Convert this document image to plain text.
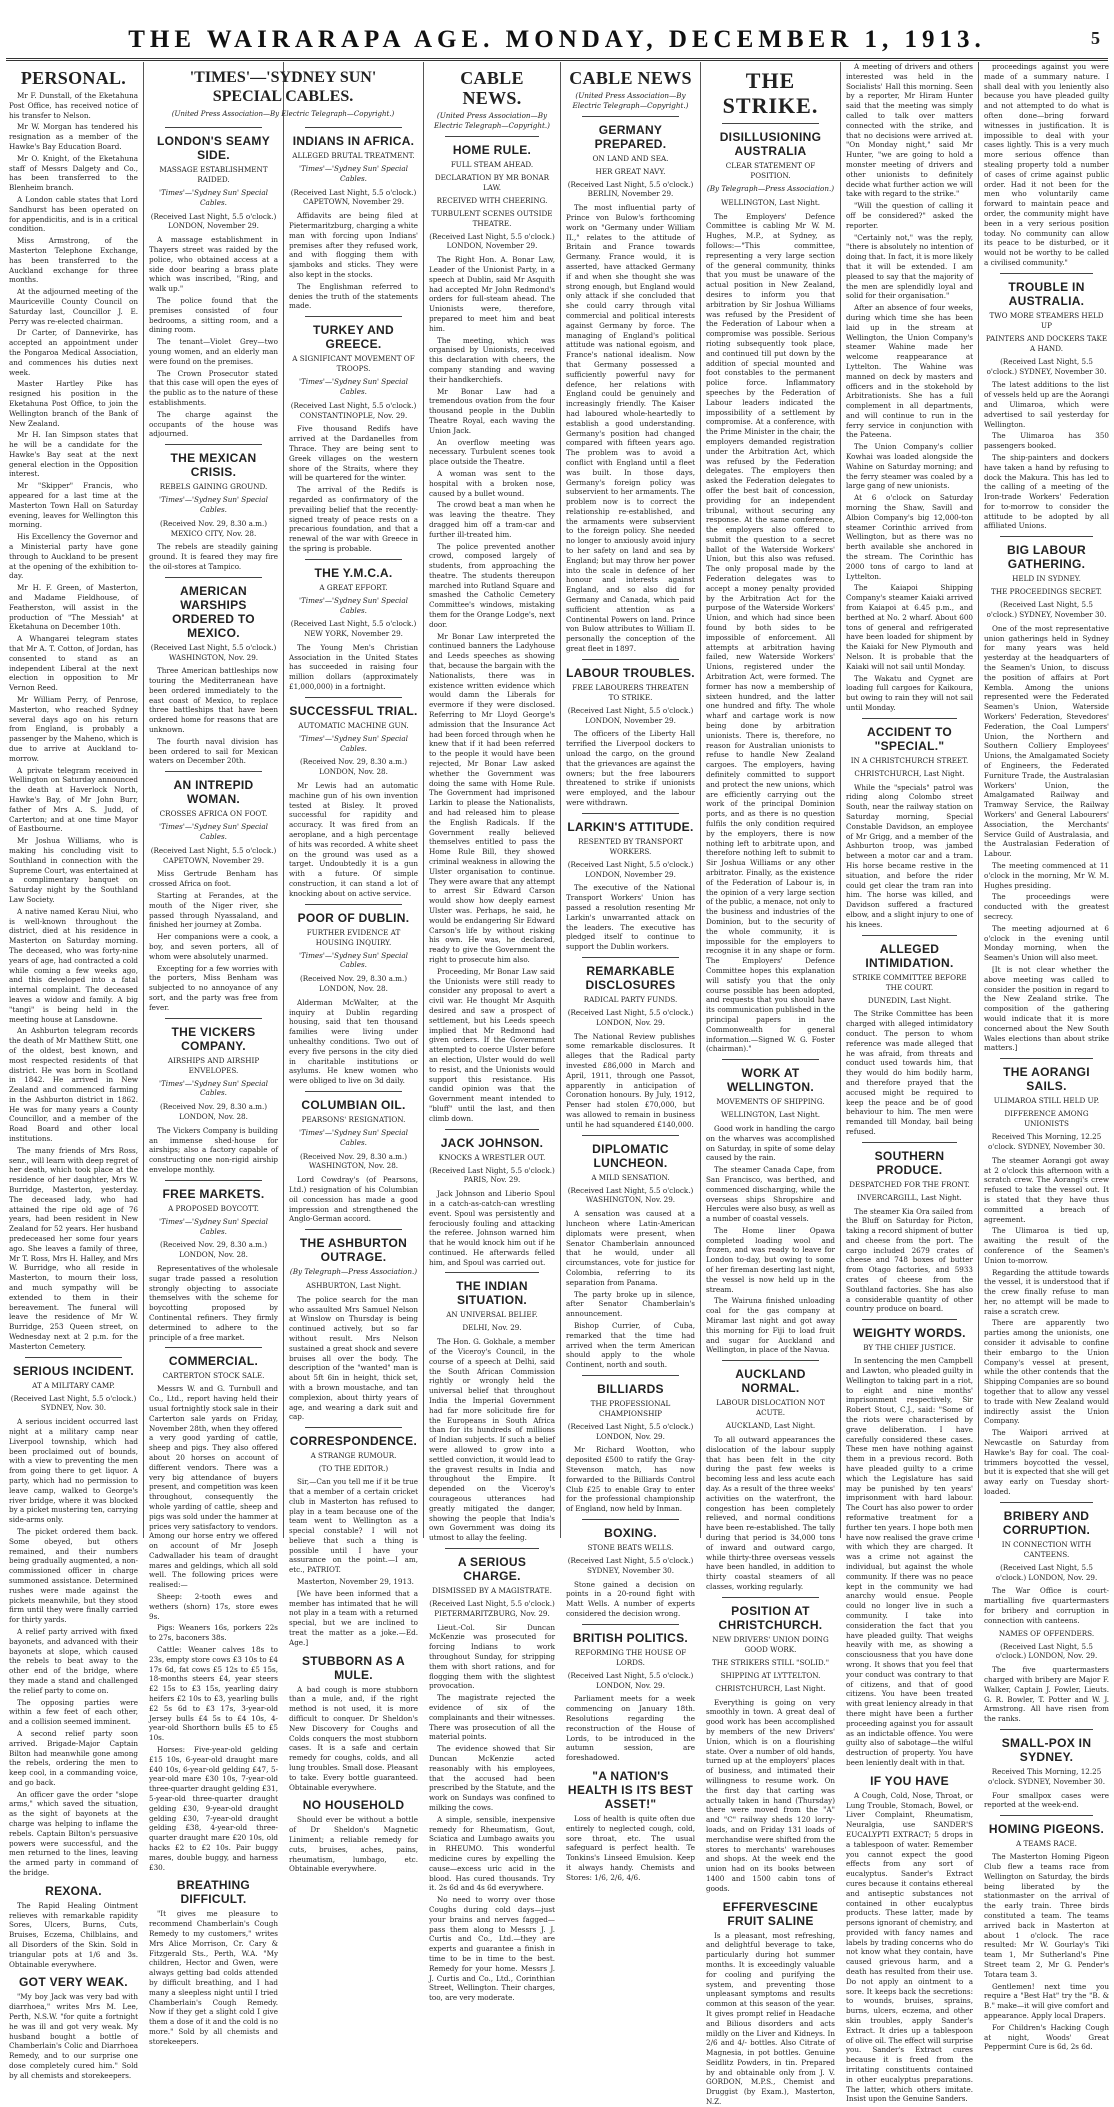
THE WAIRARAPA AGE. MONDAY, DECEMBER 1, 1913.	5
'TIMES'—'SYDNEY SUN'
SPECIAL CABLES.
(United Press Association—By Electric Telegraph—Copyright.)
PERSONAL.

Mr F. Dunstall, of the Eketahuna Post Office, has received notice of his transfer to Nelson.

Mr W. Morgan has tendered his resignation as a member of the Hawke's Bay Education Board.

Mr O. Knight, of the Eketahuna staff of Messrs Dalgety and Co., has been transferred to the Blenheim branch.

A London cable states that Lord Sandhurst has been operated on for appendicitis, and is in a critical condition.

Miss Armstrong, of the Masterton Telephone Exchange, has been transferred to the Auckland exchange for three months.

At the adjourned meeting of the Mauriceville County Council on Saturday last, Councillor J. E. Perry was re-elected chairman.

Dr Carter, of Dannevirke, has accepted an appointment under the Pongaroa Medical Association, and commences his duties next week.

Master Hartley Pike has resigned his position in the Eketahuna Post Office, to join the Wellington branch of the Bank of New Zealand.

Mr H. Ian Simpson states that he will be a candidate for the Hawke's Bay seat at the next general election in the Opposition interest.

Mr "Skipper" Francis, who appeared for a last time at the Masterton Town Hall on Saturday evening, leaves for Wellington this morning.

His Excellency the Governor and a Ministerial party have gone through to Auckland to be present at the opening of the exhibition to-day.

Mr H. F. Green, of Masterton, and Madame Fieldhouse, of Featherston, will assist in the production of "The Messiah" at Eketahuna on December 10th.

A Whangarei telegram states that Mr A. T. Cotton, of Jordan, has consented to stand as an independent Liberal at the next election in opposition to Mr Vernon Reed.

Mr William Perry, of Penrose, Masterton, who reached Sydney several days ago on his return from England, is probably a passenger by the Maheno, which is due to arrive at Auckland to-morrow.

A private telegram received in Wellington on Saturday announced the death at Haverlock North, Hawke's Bay, of Mr John Burr, father of Mrs A. S. Judd, of Carterton; and at one time Mayor of Eastbourne.

Mr Joshua Williams, who is making his concluding visit to Southland in connection with the Supreme Court, was entertained at a complimentary banquet on Saturday night by the Southland Law Society.

A native named Kerau Niui, who is well-known throughout the district, died at his residence in Masterton on Saturday morning. The deceased, who was forty-nine years of age, had contracted a cold while coming a few weeks ago, and this developed into a fatal internal complaint. The deceased leaves a widow and family. A big "tangi" is being held in the meeting house at Lansdowne.

An Ashburton telegram records the death of Mr Matthew Stitt, one of the oldest, best known, and most respected residents of that district. He was born in Scotland in 1842. He arrived in New Zealand and commenced farming in the Ashburton district in 1862. He was for many years a County Councillor, and a member of the Road Board and other local institutions.

The many friends of Mrs Ross, senr., will learn with deep regret of her death, which took place at the residence of her daughter, Mrs W. Burridge, Masterton, yesterday. The deceased lady, who had attained the ripe old age of 76 years, had been resident in New Zealand for 52 years. Her husband predeceased her some four years ago. She leaves a family of three, Mr T. Ross, Mrs H. Halley, and Mrs W. Burridge, who all reside in Masterton, to mourn their loss, and much sympathy will be extended to them in their bereavement. The funeral will leave the residence of Mr W. Burridge, 253 Queen street, on Wednesday next at 2 p.m. for the Masterton Cemetery.

SERIOUS INCIDENT.
AT A MILITARY CAMP.
(Received Last Night, 5.5 o'clock.) SYDNEY, Nov. 30.

A serious incident occurred last night at a military camp near Liverpool township, which had been proclaimed out of bounds, with a view to preventing the men from going there to get liquor. A party, which had no permission to leave camp, walked to George's river bridge, where it was blocked by a picket mustering ten, carrying side-arms only.

The picket ordered them back. Some obeyed, but others remained, and their numbers being gradually augmented, a non-commissioned officer in charge summoned assistance. Determined rushes were made against the pickets meanwhile, but they stood firm until they were finally carried for thirty yards.

A relief party arrived with fixed bayonets, and advanced with their bayonets at slope, which caused the rebels to beat away to the other end of the bridge, where they made a stand and challenged the relief party to come on.

The opposing parties were within a few feet of each other, and a collision seemed imminent.

A second relief party soon arrived. Brigade-Major Captain Bilton had meanwhile gone among the rebels, ordering the men to keep cool, in a commanding voice, and go back.

An officer gave the order "slope arms," which saved the situation, as the sight of bayonets at the charge was helping to inflame the rebels. Captain Bilton's persuasive powers were successful, and the men returned to the lines, leaving the armed party in command of the bridge.

REXONA.

The Rapid Healing Ointment relieves with remarkable rapidity Sores, Ulcers, Burns, Cuts, Bruises, Eczema, Chilblains, and all Disorders of the Skin. Sold in triangular pots at 1/6 and 3s. Obtainable everywhere.

GOT VERY WEAK.

"My boy Jack was very bad with diarrhoea," writes Mrs M. Lee, Perth, N.S.W. "for quite a fortnight he was ill and got very weak. My husband bought a bottle of Chamberlain's Colic and Diarrhoea Remedy, and to our surprise one dose completely cured him." Sold by all chemists and storekeepers.

LONDON'S SEAMY SIDE.
MASSAGE ESTABLISHMENT RAIDED.
'Times'—'Sydney Sun' Special Cables.
(Received Last Night, 5.5 o'clock.) LONDON, November 29.

A massage establishment in Thayers street was raided by the police, who obtained access at a side door bearing a brass plate which was inscribed, "Ring, and walk up."

The police found that the premises consisted of four bedrooms, a sitting room, and a dining room.

The tenant—Violet Grey—two young women, and an elderly man were found on the premises.

The Crown Prosecutor stated that this case will open the eyes of the public as to the nature of these establishments.

The charge against the occupants of the house was adjourned.

THE MEXICAN CRISIS.
REBELS GAINING GROUND.
'Times'—'Sydney Sun' Special Cables.
(Received Nov. 29, 8.30 a.m.) MEXICO CITY, Nov. 28.

The rebels are steadily gaining ground. It is feared they may fire the oil-stores at Tampico.

AMERICAN WARSHIPS ORDERED TO MEXICO.
(Received Last Night, 5.5 o'clock.) WASHINGTON, Nov. 29.

Three American battleships now touring the Mediterranean have been ordered immediately to the east coast of Mexico, to replace three battleships that have been ordered home for reasons that are unknown.

The fourth naval division has been ordered to sail for Mexican waters on December 20th.

AN INTREPID WOMAN.
CROSSES AFRICA ON FOOT.
'Times'—'Sydney Sun' Special Cables.
(Received Last Night, 5.5 o'clock.) CAPETOWN, November 29.

Miss Gertrude Benham has crossed Africa on foot.

Starting at Ferandes, at the mouth of the Niger river, she passed through Nyassaland, and finished her journey at Zomba.

Her companions were a cook, a boy, and seven porters, all of whom were absolutely unarmed.

Excepting for a few worries with the porters, Miss Benham was subjected to no annoyance of any sort, and the party was free from fever.

THE VICKERS COMPANY.
AIRSHIPS AND AIRSHIP ENVELOPES.
'Times'—'Sydney Sun' Special Cables.
(Received Nov. 29, 8.30 a.m.) LONDON, Nov. 28.

The Vickers Company is building an immense shed-house for airships; also a factory capable of constructing one non-rigid airship envelope monthly.

FREE MARKETS.
A PROPOSED BOYCOTT.
'Times'—'Sydney Sun' Special Cables.
(Received Nov. 29, 8.30 a.m.) LONDON, Nov. 28.

Representatives of the wholesale sugar trade passed a resolution strongly objecting to associate themselves with the scheme for boycotting proposed by Continental refiners. They firmly determined to adhere to the principle of a free market.

COMMERCIAL.
CARTERTON STOCK SALE.

Messrs W. and G. Turnbull and Co., Ltd., report having held their usual fortnightly stock sale in their Carterton sale yards on Friday, November 28th, when they offered a very good yarding of cattle, sheep and pigs. They also offered about 20 horses on account of different vendors. There was a very big attendance of buyers present, and competition was keen throughout, consequently the whole yarding of cattle, sheep and pigs was sold under the hammer at prices very satisfactory to vendors. Among our horse entry we offered on account of Mr Joseph Cadwallader his team of draught mares and geldings, which all sold well. The following prices were realised:—

Sheep: 2-tooth ewes and wethers (shorn) 17s, store ewes 9s.

Pigs: Weaners 16s, porkers 22s to 27s, baconers 38s.

Cattle: Weaner calves 18s to 23s, empty store cows £3 10s to £4 17s 6d, fat cows £5 12s to £5 15s, 18-months steers £4, year steers £2 15s to £3 15s, yearling dairy heifers £2 10s to £3, yearling bulls £2 5s 6d to £3 17s, 3-year-old Jersey bulls £4 5s to £4 10s, 4-year-old Shorthorn bulls £5 to £5 10s.

Horses: Five-year-old gelding £15 10s, 6-year-old draught mare £40 10s, 6-year-old gelding £47, 5-year-old mare £30 10s, 7-year-old three-quarter draught gelding £31, 5-year-old three-quarter draught gelding £30, 9-year-old draught gelding £30, 7-year-old draught gelding £38, 4-year-old three-quarter draught mare £20 10s, old hacks £2 to £2 10s. Pair buggy mares, double buggy, and harness £30.

BREATHING DIFFICULT.

"It gives me pleasure to recommend Chamberlain's Cough Remedy to my customers," writes Mrs Alice Morrison, Cr. Cary & Fitzgerald Sts., Perth, W.A. "My children, Hector and Gwen, were always getting bad colds attended by difficult breathing, and I had many a sleepless night until I tried Chamberlain's Cough Remedy. Now if they get a slight cold I give them a dose of it and the cold is no more." Sold by all chemists and storekeepers.

INDIANS IN AFRICA.
ALLEGED BRUTAL TREATMENT.
'Times'—'Sydney Sun' Special Cables.
(Received Last Night, 5.5 o'clock.) CAPETOWN, November 29.

Affidavits are being filed at Pietermaritzburg, charging a white man with forcing upon Indians' premises after they refused work, and with flogging them with sjamboks and sticks. They were also kept in the stocks.

The Englishman referred to denies the truth of the statements made.

TURKEY AND GREECE.
A SIGNIFICANT MOVEMENT OF TROOPS.
'Times'—'Sydney Sun' Special Cables.
(Received Last Night, 5.5 o'clock.) CONSTANTINOPLE, Nov. 29.

Five thousand Redifs have arrived at the Dardanelles from Thrace. They are being sent to Greek villages on the western shore of the Straits, where they will be quartered for the winter.

The arrival of the Redifs is regarded as confirmatory of the prevailing belief that the recently-signed treaty of peace rests on a precarious foundation, and that a renewal of the war with Greece in the spring is probable.

THE Y.M.C.A.
A GREAT EFFORT.
'Times'—'Sydney Sun' Special Cables.
(Received Last Night, 5.5 o'clock.) NEW YORK, November 29.

The Young Men's Christian Association in the United States has succeeded in raising four million dollars (approximately £1,000,000) in a fortnight.

SUCCESSFUL TRIAL.
AUTOMATIC MACHINE GUN.
'Times'—'Sydney Sun' Special Cables.
(Received Nov. 29, 8.30 a.m.) LONDON, Nov. 28.

Mr Lewis had an automatic machine gun of his own invention tested at Bisley. It proved successful for rapidity and accuracy. It was fired from an aeroplane, and a high percentage of hits was recorded. A white sheet on the ground was used as a target. Undoubtedly it is a gun with a future. Of simple construction, it can stand a lot of knocking about on active service.

POOR OF DUBLIN.
FURTHER EVIDENCE AT HOUSING INQUIRY.
'Times'—'Sydney Sun' Special Cables.
(Received Nov. 29, 8.30 a.m.) LONDON, Nov. 28.

Alderman McWalter, at the inquiry at Dublin regarding housing, said that ten thousand families were living under unhealthy conditions. Two out of every five persons in the city died in charitable institutions or asylums. He knew women who were obliged to live on 3d daily.

COLUMBIAN OIL.
PEARSONS' RESIGNATION.
'Times'—'Sydney Sun' Special Cables.
(Received Nov. 29, 8.30 a.m.) WASHINGTON, Nov. 28.

Lord Cowdray's (of Pearsons, Ltd.) resignation of his Columbian oil concession has made a good impression and strengthened the Anglo-German accord.

THE ASHBURTON OUTRAGE.
(By Telegraph—Press Association.)
ASHBURTON, Last Night.

The police search for the man who assaulted Mrs Samuel Nelson at Winslow on Thursday is being continued actively, but so far without result. Mrs Nelson sustained a great shock and severe bruises all over the body. The description of the "wanted" man is about 5ft 6in in height, thick set, with a brown moustache, and tan complexion, about thirty years of age, and wearing a dark suit and cap.

CORRESPONDENCE.
A STRANGE RUMOUR.
(TO THE EDITOR.)

Sir,—Can you tell me if it be true that a member of a certain cricket club in Masterton has refused to play in a team because one of the team went to Wellington as a special constable? I will not believe that such a thing is possible until I have your assurance on the point.—I am, etc., PATRIOT.

Masterton, November 29, 1913.

[We have been informed that a member has intimated that he will not play in a team with a returned special, but we are inclined to treat the matter as a joke.—Ed. Age.]

STUBBORN AS A MULE.

A bad cough is more stubborn than a mule, and, if the right method is not used, it is more difficult to conquer. Dr Sheldon's New Discovery for Coughs and Colds conquers the most stubborn cases. It is a safe and certain remedy for coughs, colds, and all lung troubles. Small dose. Pleasant to take. Every bottle guaranteed. Obtainable everywhere.

NO HOUSEHOLD

Should ever be without a bottle of Dr Sheldon's Magnetic Liniment; a reliable remedy for cuts, bruises, aches, pains, rheumatism, lumbago, etc. Obtainable everywhere.

CABLE NEWS.
(United Press Association—By Electric Telegraph—Copyright.)
HOME RULE.
FULL STEAM AHEAD.
DECLARATION BY MR BONAR LAW.
RECEIVED WITH CHEERING.
TURBULENT SCENES OUTSIDE THEATRE.
(Received Last Night, 5.5 o'clock.) LONDON, November 29.

The Right Hon. A. Bonar Law, Leader of the Unionist Party, in a speech at Dublin, said Mr Asquith had accepted Mr John Redmond's orders for full-steam ahead. The Unionists were, therefore, prepared to meet him and beat him.

The meeting, which was organised by Unionists, received this declaration with cheers, the company standing and waving their handkerchiefs.

Mr Bonar Law had a tremendous ovation from the four thousand people in the Dublin Theatre Royal, each waving the Union Jack.

An overflow meeting was necessary. Turbulent scenes took place outside the Theatre.

A woman was sent to the hospital with a broken nose, caused by a bullet wound.

The crowd beat a man when he was leaving the theatre. They dragged him off a tram-car and further ill-treated him.

The police prevented another crowd, composed largely of students, from approaching the theatre. The students thereupon marched into Rutland Square and smashed the Catholic Cemetery Committee's windows, mistaking them for the Orange Lodge's, next door.

Mr Bonar Law interpreted the continued banners the Ladyhouse and Leeds speeches as showing that, because the bargain with the Nationalists, there was in existence written evidence which would damn the Liberals for evermore if they were disclosed. Referring to Mr Lloyd George's admission that the Insurance Act had been forced through when he knew that if it had been referred to the people it would have been rejected, Mr Bonar Law asked whether the Government was doing the same with Home Rule. The Government had imprisoned Larkin to please the Nationalists, and had released him to please the English Radicals. If the Government really believed themselves entitled to pass the Home Rule Bill, they showed criminal weakness in allowing the Ulster organisation to continue. They were aware that any attempt to arrest Sir Edward Carson would show how deeply earnest Ulster was. Perhaps, he said, he would be endangering Sir Edward Carson's life by without risking his own. He was, he declared, ready to give the Government the right to prosecute him also.

Proceeding, Mr Bonar Law said the Unionists were still ready to consider any proposal to avert a civil war. He thought Mr Asquith desired and saw a prospect of settlement, but his Leeds speech implied that Mr Redmond had given orders. If the Government attempted to coerce Ulster before an election, Ulster would do well to resist, and the Unionists would support this resistance. His candid opinion was that the Government meant intended to "bluff" until the last, and then climb down.

JACK JOHNSON.
KNOCKS A WRESTLER OUT.
(Received Last Night, 5.5 o'clock.) PARIS, Nov. 29.

Jack Johnson and Liberio Spoul in a catch-as-catch-can wrestling event. Spoul was persistently and ferociously fouling and attacking the referee. Johnson warned him that he would knock him out if he continued. He afterwards felled him, and Spoul was carried out.

THE INDIAN SITUATION.
AN UNIVERSAL BELIEF.
DELHI, Nov. 29.

The Hon. G. Gokhale, a member of the Viceroy's Council, in the course of a speech at Delhi, said the South African Commission rightly or wrongly held the universal belief that throughout India the Imperial Government had far more solicitude fire for the Europeans in South Africa than for its hundreds of millions of Indian subjects. If such a belief were allowed to grow into a settled conviction, it would lead to the gravest results in India and throughout the Empire. It depended on the Viceroy's courageous utterances had greatly mitigated the danger, showing the people that India's own Government was doing its utmost to allay the feeling.

A SERIOUS CHARGE.
DISMISSED BY A MAGISTRATE.
(Received Last Night, 5.5 o'clock.) PIETERMARITZBURG, Nov. 29.

Lieut.-Col. Sir Duncan McKenzie was prosecuted for forcing Indians to work throughout Sunday, for stripping them with short rations, and for flogging them with the slightest provocation.

The magistrate rejected the evidence of six of the complainants and their witnesses. There was prosecution of all the material points.

The evidence showed that Sir Duncan McKenzie acted reasonably with his employees, that the accused had been prescribed by the Statute, and the work on Sundays was confined to milking the cows.

A simple, sensible, inexpensive remedy for Rheumatism, Gout, Sciatica and Lumbago awaits you in RHEUMO. This wonderful medicine cures by expelling the cause—excess uric acid in the blood. Has cured thousands. Try it. 2s 6d and 4s 6d everywhere.

No need to worry over those Coughs during cold days—just your brains and nerves fagged—pass them along to Messrs J. J. Curtis and Co., Ltd.—they are experts and guarantee a finish in time to be in time to the best. Remedy for your home. Messrs J. J. Curtis and Co., Ltd., Corinthian Street, Wellington. Their charges, too, are very moderate.

CABLE NEWS
(United Press Association—By Electric Telegraph—Copyright.)
GERMANY PREPARED.
ON LAND AND SEA.
HER GREAT NAVY.
(Received Last Night, 5.5 o'clock.) BERLIN, November 29.

The most influential party of Prince von Bulow's forthcoming work on "Germany under William II.," relates to the attitude of Britain and France towards Germany. France would, it is asserted, have attacked Germany if and when she thought she was strong enough, but England would only attack if she concluded that she could carry through vital commercial and political interests against Germany by force. The managing of England's political attitude was national egoism, and France's national idealism. Now that Germany possessed a sufficiently powerful navy for defence, her relations with England could be genuinely and increasingly friendly. The Kaiser had laboured whole-heartedly to establish a good understanding. Germany's position had changed compared with fifteen years ago. The problem was to avoid a conflict with England until a fleet was built. In those days, Germany's foreign policy was subservient to her armaments. The problem now is to correct the relationship re-established, and the armaments were subservient to the foreign policy. She needed no longer to anxiously avoid injury to her safety on land and sea by England; but may throw her power into the scale in defence of her honour and interests against England, and so also did for Germany and Canada, which paid sufficient attention as a Continental Powers on land. Prince von Bulow attributes to William II. personally the conception of the great fleet in 1897.

LABOUR TROUBLES.
FREE LABOURERS THREATEN TO STRIKE.
(Received Last Night, 5.5 o'clock.) LONDON, November 29.

The officers of the Liberty Hall terrified the Liverpool dockers to unload the cargo, on the ground that the grievances are against the owners; but the free labourers threatened to strike if unionists were employed, and the labour were withdrawn.

LARKIN'S ATTITUDE.
RESENTED BY TRANSPORT WORKERS.
(Received Last Night, 5.5 o'clock.) LONDON, November 29.

The executive of the National Transport Workers' Union has passed a resolution resenting Mr Larkin's unwarranted attack on the leaders. The executive has pledged itself to continue to support the Dublin workers.

REMARKABLE DISCLOSURES
RADICAL PARTY FUNDS.
(Received Last Night, 5.5 o'clock.) LONDON, Nov. 29.

The National Review publishes some remarkable disclosures. It alleges that the Radical party invested £86,000 in March and April, 1911, through one Passot, apparently in anticipation of Coronation honours. By July, 1912, Penser had stolen £70,000, but was allowed to remain in business until he had squandered £140,000.

DIPLOMATIC LUNCHEON.
A MILD SENSATION.
(Received Last Night, 5.5 o'clock.) WASHINGTON, Nov. 29.

A sensation was caused at a luncheon where Latin-American diplomats were present, when Senator Chamberlain announced that he would, under all circumstances, vote for justice for Colombia, referring to its separation from Panama.

The party broke up in silence, after Senator Chamberlain's announcement.

Bishop Currier, of Cuba, remarked that the time had arrived when the term American should apply to the whole Continent, north and south.

BILLIARDS
THE PROFESSIONAL CHAMPIONSHIP
(Received Last Night, 5.5 o'clock.) LONDON, Nov. 29.

Mr Richard Wootton, who deposited £500 to ratify the Gray-Stevenson match, has now forwarded to the Billiards Control Club £25 to enable Gray to enter for the professional championship of England, now held by Inman.

BOXING.
STONE BEATS WELLS.
(Received Last Night, 5.5 o'clock.) SYDNEY, November 30.

Stone gained a decision on points in a 20-round fight with Matt Wells. A number of experts considered the decision wrong.

BRITISH POLITICS.
REFORMING THE HOUSE OF LORDS.
(Received Last Night, 5.5 o'clock.) LONDON, Nov. 29.

Parliament meets for a week commencing on January 18th. Resolutions regarding the reconstruction of the House of Lords, to be introduced in the autumn session, are foreshadowed.

"A NATION'S HEALTH IS ITS BEST ASSET!"

Loss of health is quite often due entirely to neglected cough, cold, sore throat, etc. The usual safeguard is perfect health. Te Tonkins's Linseed Emulsion. Keep it always handy. Chemists and Stores: 1/6, 2/6, 4/6.

THE STRIKE.
DISILLUSIONING AUSTRALIA
CLEAR STATEMENT OF POSITION.
(By Telegraph—Press Association.)
WELLINGTON, Last Night.

The Employers' Defence Committee is cabling Mr W. M. Hughes, M.P., at Sydney, as follows:—"This committee, representing a very large section of the general community, thinks that you must be unaware of the actual position in New Zealand, desires to inform you that arbitration by Sir Joshua Williams was refused by the President of the Federation of Labour when a compromise was possible. Serious rioting subsequently took place, and continued till put down by the addition of special mounted and foot constables to the permanent police force. Inflammatory speeches by the Federation of Labour leaders indicated the impossibility of a settlement by compromise. At a conference, with the Prime Minister in the chair, the employers demanded registration under the Arbitration Act, which was refused by the Federation delegates. The employers then asked the Federation delegates to offer the best bait of concession, providing for an independent tribunal, without securing any response. At the same conference, the employers also offered to submit the question to a secret ballot of the Waterside Workers' Union, but this also was refused. The only proposal made by the Federation delegates was to accept a money penalty provided by the Arbitration Act for the purpose of the Waterside Workers' Union, and which had since been found by both sides to be impossible of enforcement. All attempts at arbitration having failed, new Waterside Workers' Unions, registered under the Arbitration Act, were formed. The former has now a membership of sixteen hundred, and the latter one hundred and fifty. The whole wharf and cartage work is now being done by arbitration unionists. There is, therefore, no reason for Australian unionists to refuse to handle New Zealand cargoes. The employers, having definitely committed to support and protect the new unions, which are efficiently carrying out the work of the principal Dominion ports, and as there is no question fulfils the only condition required by the employers, there is now nothing left to arbitrate upon, and therefore nothing left to submit to Sir Joshua Williams or any other arbitrator. Finally, as the existence of the Federation of Labour is, in the opinion of a very large section of the public, a menace, not only to the business and industries of the Dominion, but to the security of the whole community, it is impossible for the employers to recognise it in any shape or form. The Employers' Defence Committee hopes this explanation will satisfy you that the only course possible has been adopted, and requests that you should have its communication published in the principal papers in the Commonwealth for general information.—Signed W. G. Foster (chairman)."

WORK AT WELLINGTON.
MOVEMENTS OF SHIPPING.
WELLINGTON, Last Night.

Good work in handling the cargo on the wharves was accomplished on Saturday, in spite of some delay caused by the rain.

The steamer Canada Cape, from San Francisco, was berthed, and commenced discharging, while the overseas ships Shropshire and Hercules were also busy, as well as a number of coastal vessels.

The Home liner Opawa completed loading wool and frozen, and was ready to leave for London to-day, but owing to some of her fireman deserting last night, the vessel is now held up in the stream.

The Wairuna finished unloading coal for the gas company at Miramar last night and got away this morning for Fiji to load fruit and sugar for Auckland and Wellington, in place of the Navua.

AUCKLAND NORMAL.
LABOUR DISLOCATION NOT ACUTE.
AUCKLAND, Last Night.

To all outward appearances the dislocation of the labour supply that has been felt in the city during the past few weeks is becoming less and less acute each day. As a result of the three weeks' activities on the waterfront, the congestion has been completely relieved, and normal conditions have been re-established. The tally during that period is 34,000 tons of inward and outward cargo, while thirty-three overseas vessels have been handled, in addition to thirty coastal steamers of all classes, working regularly.

POSITION AT CHRISTCHURCH.
NEW DRIVERS' UNION DOING GOOD WORK.
THE STRIKERS STILL "SOLID."
SHIPPING AT LYTTELTON.
CHRISTCHURCH, Last Night.

Everything is going on very smoothly in town. A great deal of good work has been accomplished by members of the new Drivers' Union, which is on a flourishing state. Over a number of old hands, turned up at the employers' places of business, and intimated their willingness to resume work. On the first day that carting was actually taken in hand (Thursday) there were moved from the "A" and "C" railway sheds 120 lorry-loads, and on Friday 131 loads of merchandise were shifted from the stores to merchants' warehouses and shops. At the week end the union had on its books between 1400 and 1500 cabin tons of goods.

EFFERVESCINE FRUIT SALINE

Is a pleasant, most refreshing, and delightful beverage to take, particularly during hot summer months. It is exceedingly valuable for cooling and purifying the system, and preventing those unpleasant symptoms and results common at this season of the year. It gives prompt relief in Headache and Bilious disorders and acts mildly on the Liver and Kidneys. In 2/6 and 4/- bottles. Also Citrate of Magnesia, in pot bottles. Genuine Seidlitz Powders, in tin. Prepared by and obtainable only from J. V. GORDON, M.P.S., Chemist and Druggist (by Exam.), Masterton, N.Z.

A meeting of drivers and others interested was held in the Socialists' Hall this morning. Seen by a reporter, Mr Hiram Hunter said that the meeting was simply called to talk over matters connected with the strike, and that no decisions were arrived at. "On Monday night," said Mr Hunter, "we are going to hold a monster meeting of drivers and other unionists to definitely decide what further action we will take with regard to the strike."

"Will the question of calling it off be considered?" asked the reporter.

"Certainly not," was the reply, "there is absolutely no intention of doing that. In fact, it is more likely that it will be extended. I am pleased to say that the majority of the men are splendidly loyal and solid for their organisation."

After an absence of four weeks, during which time she has been laid up in the stream at Wellington, the Union Company's steamer Wahine made her welcome reappearance at Lyttelton. The Wahine was manned on deck by masters and officers and in the stokehold by Arbitrationists. She has a full complement in all departments, and will continue to run in the ferry service in conjunction with the Pateena.

The Union Company's collier Kowhai was loaded alongside the Wahine on Saturday morning; and the ferry steamer was coaled by a large gang of new unionists.

At 6 o'clock on Saturday morning the Shaw, Savill and Albion Company's big 12,000-ton steamer Corinthic arrived from Wellington, but as there was no berth available she anchored in the stream. The Corinthic has 2000 tons of cargo to land at Lyttelton.

The Kaiapoi Shipping Company's steamer Kaiaki arrived from Kaiapoi at 6.45 p.m., and berthed at No. 2 wharf. About 600 tons of general and refrigerated have been loaded for shipment by the Kaiaki for New Plymouth and Nelson. It is probable that the Kaiaki will not sail until Monday.

The Wakatu and Cygnet are loading full cargoes for Kaikoura, but owing to rain they will not sail until Monday.

ACCIDENT TO "SPECIAL."
IN A CHRISTCHURCH STREET.
CHRISTCHURCH, Last Night.

While the "specials" patrol was riding along Colombo street South, near the railway station on Saturday morning, Special Constable Davidson, an employee of Mr Grigg, and a member of the Ashburton troop, was jambed between a motor car and a tram. His horse became restive in the situation, and before the rider could get clear the tram ran into him. The horse was killed, and Davidson suffered a fractured elbow, and a slight injury to one of his knees.

ALLEGED INTIMIDATION.
STRIKE COMMITTEE BEFORE THE COURT.
DUNEDIN, Last Night.

The Strike Committee has been charged with alleged intimidatory conduct. The person to whom reference was made alleged that he was afraid, from threats and conduct used towards him, that they would do him bodily harm, and therefore prayed that the accused might be required to keep the peace and be of good behaviour to him. The men were remanded till Monday, bail being refused.

SOUTHERN PRODUCE.
DESPATCHED FOR THE FRONT.
INVERCARGILL, Last Night.

The steamer Kia Ora sailed from the Bluff on Saturday for Picton, taking a record shipment of butter and cheese from the port. The cargo included 2679 crates of cheese and 748 boxes of butter from Otago factories, and 5933 crates of cheese from the Southland factories. She has also a considerable quantity of other country produce on board.

WEIGHTY WORDS.
BY THE CHIEF JUSTICE.

In sentencing the men Campbell and Lawton, who pleaded guilty in Wellington to taking part in a riot, to eight and nine months' imprisonment respectively, Sir Robert Stout, C.J., said: "Some of the riots were characterised by grave deliberation. I have carefully considered these cases. These men have nothing against them in a previous record. Both have pleaded guilty to a crime which the Legislature has said may be punished by ten years' imprisonment with hard labour. The Court has also power to order reformative treatment for a further ten years. I hope both men have now realised the grave crime with which they are charged. It was a crime not against the individual, but against the whole community. If there was no peace kept in the community we had anarchy would ensue. People could no longer live in such a community. I take into consideration the fact that you have pleaded guilty. That weighs heavily with me, as showing a consciousness that you have done wrong. It shows that you feel that your conduct was contrary to that of citizens, and that of good citizens. You have been treated with great leniency already in that there might have been a further proceeding against you for assault as an indictable offence. You were guilty also of sabotage—the wilful destruction of property. You have been leniently dealt with in that.

IF YOU HAVE

A Cough, Cold, Nose, Throat, or Lung Trouble, Stomach, Bowel, or Liver Complaint, Rheumatism, Neuralgia, use SANDER'S EUCALYPTI EXTRACT; 5 drops in a tablespoon of water. Remember you cannot expect the good effects from any sort of eucalyptus. Sander's Extract cures because it contains ethereal and antiseptic substances not contained in other eucalyptus products. These latter, made by persons ignorant of chemistry, and provided with fancy names and labels by trading concerns who do not know what they contain, have caused grievous harm, and a death has resulted from their use. Do not apply an ointment to a sore. It keeps back the secretions: to wounds, bruises, sprains, burns, ulcers, eczema, and other skin troubles, apply Sander's Extract. It dries up a tablespoon of olive oil. The effect will surprise you. Sander's Extract cures because it is freed from the irritating constituents contained in other eucalyptus preparations. The latter, which others imitate. Insist upon the Genuine Sanders.

proceedings against you were made of a summary nature. I shall deal with you leniently also because you have pleaded guilty and not attempted to do what is often done—bring forward witnesses in justification. It is impossible to deal with your cases lightly. This is a very much more serious offence than stealing property told a number of cases of crime against public order. Had it not been for the men who voluntarily came forward to maintain peace and order, the community might have been in a very serious position today. No community can allow its peace to be disturbed, or it would not be worthy to be called a civilised community."

TROUBLE IN AUSTRALIA.
TWO MORE STEAMERS HELD UP
PAINTERS AND DOCKERS TAKE A HAND.
(Received Last Night, 5.5 o'clock.) SYDNEY, November 30.

The latest additions to the list of vessels held up are the Aorangi and Ulimaroa, which were advertised to sail yesterday for Wellington.

The Ulimaroa has 350 passengers booked.

The ship-painters and dockers have taken a hand by refusing to dock the Makura. This has led to the calling of a meeting of the Iron-trade Workers' Federation for to-morrow to consider the attitude to be adopted by all affiliated Unions.

BIG LABOUR GATHERING.
HELD IN SYDNEY.
THE PROCEEDINGS SECRET.
(Received Last Night, 5.5 o'clock.) SYDNEY, November 30.

One of the most representative union gatherings held in Sydney for many years was held yesterday at the headquarters of the Seamen's Union, to discuss the position of affairs at Port Kembla. Among the unions represented were the Federated Seamen's Union, Waterside Workers' Federation, Stevedores' Federation, the Coal Lumpers' Union, the Northern and Southern Colliery Employees' Unions, the Amalgamated Society of Engineers, the Federated Furniture Trade, the Australasian Workers' Union, the Amalgamated Railway and Tramway Service, the Railway Workers' and General Labourers' Association, the Merchants' Service Guild of Australasia, and the Australasian Federation of Labour.

The meeting commenced at 11 o'clock in the morning, Mr W. M. Hughes presiding.

The proceedings were conducted with the greatest secrecy.

The meeting adjourned at 6 o'clock in the evening until Monday morning, when the Seamen's Union will also meet.

[It is not clear whether the above meeting was called to consider the position in regard to the New Zealand strike. The composition of the gathering would indicate that it is more concerned about the New South Wales elections than about strike matters.]

THE AORANGI SAILS.
ULIMAROA STILL HELD UP.
DIFFERENCE AMONG UNIONISTS
Received This Morning, 12.25 o'clock. SYDNEY, November 30.

The steamer Aorangi got away at 2 o'clock this afternoon with a scratch crew. The Aorangi's crew refused to take the vessel out. It is stated that they have thus committed a breach of agreement.

The Ulimaroa is tied up, awaiting the result of the conference of the Seamen's Union to-morrow.

Regarding the attitude towards the vessel, it is understood that if the crew finally refuse to man her, no attempt will be made to raise a scratch crew.

There are apparently two parties among the unionists, one consider it advisable to confine their embargo to the Union Company's vessel at present, while the other contends that the Shipping Companies are so bound together that to allow any vessel to trade with New Zealand would indirectly assist the Union Company.

The Waipori arrived at Newcastle on Saturday from Hawke's Bay for coal. The coal-trimmers boycotted the vessel, but it is expected that she will get away early on Tuesday short-loaded.

BRIBERY AND CORRUPTION.
IN CONNECTION WITH CANTEENS.
(Received Last Night, 5.5 o'clock.) LONDON, Nov. 29.

The War Office is court-martialling five quartermasters for bribery and corruption in connection with canteens.

NAMES OF OFFENDERS.
(Received Last Night, 5.5 o'clock.) LONDON, Nov. 29.

The five quartermasters charged with bribery are Major F. Walker, Captain J. Fowler, Lieuts. G. R. Bowler, T. Potter and W. J. Armstrong. All have risen from the ranks.

SMALL-POX IN SYDNEY.
Received This Morning, 12.25 o'clock. SYDNEY, November 30.

Four smallpox cases were reported at the week-end.

HOMING PIGEONS.
A TEAMS RACE.

The Masterton Homing Pigeon Club flew a teams race from Wellington on Saturday, the birds being liberated by the stationmaster on the arrival of the early train. Three birds constituted a team. The teams arrived back in Masterton at about 1 o'clock. The race resulted: Mr W. Gourlay's Tiki team 1, Mr Sutherland's Pine Street team 2, Mr G. Pender's Totara team 3.

Gentlemen! next time you require a "Best Hat" try the "B. & B." make—it will give comfort and appearance. Apply local Drapers.

For Children's Hacking Cough at night, Woods' Great Peppermint Cure is 6d, 2s 6d.
